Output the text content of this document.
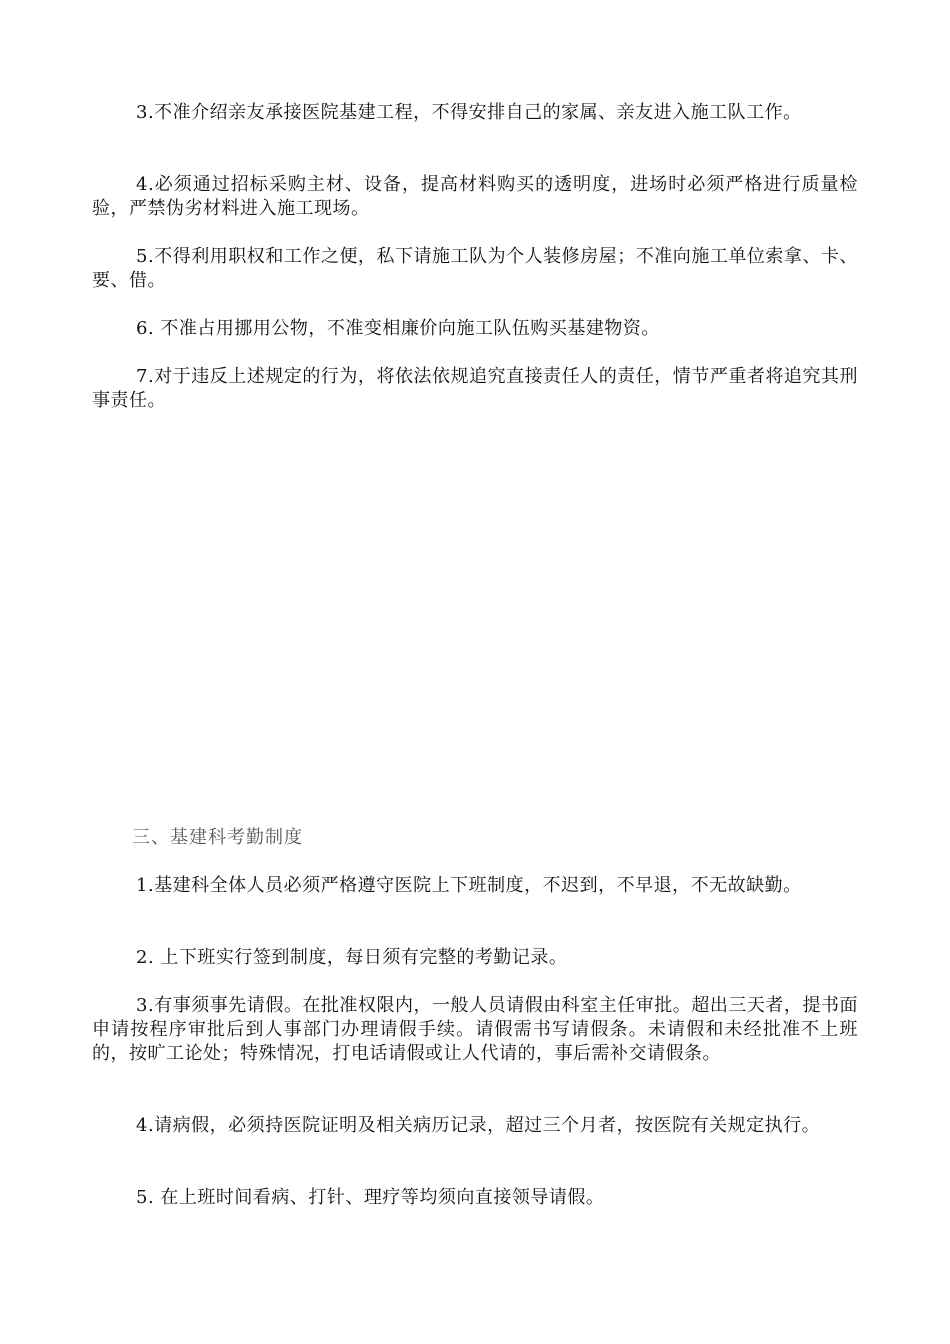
3.不准介绍亲友承接医院基建工程，不得安排自己的家属、亲友进入施工队工作。

4.必须通过招标采购主材、设备，提高材料购买的透明度，进场时必须严格进行质量检验，严禁伪劣材料进入施工现场。

5.不得利用职权和工作之便，私下请施工队为个人装修房屋；不准向施工单位索拿、卡、要、借。

6. 不准占用挪用公物，不准变相廉价向施工队伍购买基建物资。

7.对于违反上述规定的行为，将依法依规追究直接责任人的责任，情节严重者将追究其刑事责任。

三、基建科考勤制度

1.基建科全体人员必须严格遵守医院上下班制度，不迟到，不早退，不无故缺勤。

2. 上下班实行签到制度，每日须有完整的考勤记录。

3.有事须事先请假。在批准权限内，一般人员请假由科室主任审批。超出三天者，提书面申请按程序审批后到人事部门办理请假手续。请假需书写请假条。未请假和未经批准不上班的，按旷工论处；特殊情况，打电话请假或让人代请的，事后需补交请假条。

4.请病假，必须持医院证明及相关病历记录，超过三个月者，按医院有关规定执行。

5. 在上班时间看病、打针、理疗等均须向直接领导请假。
